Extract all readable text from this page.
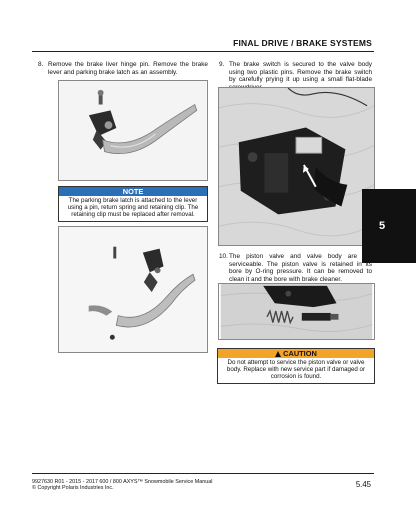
FINAL DRIVE / BRAKE SYSTEMS
8. Remove the brake liver hinge pin. Remove the brake lever and parking brake latch as an assembly.
NOTE
The parking brake latch is attached to the lever using a pin, return spring and retaining clip. The retaining clip must be replaced after removal.
9. The brake switch is secured to the valve body using two plastic pins. Remove the brake switch by carefully prying it up using a small flat-blade
5
10. The piston valve and valve body are not serviceable. The piston valve is retained in its bore by O-ring pressure. It can be removed to clean it and the bore with brake cleaner.
CAUTION
Do not attempt to service the piston valve or valve body. Replace with new service part if damaged or corrosion is found.
9927630 R01 - 2015 - 2017 600 / 800 AXYS™ Snowmobile Service Manual
© Copyright Polaris Industries Inc.	5.45
